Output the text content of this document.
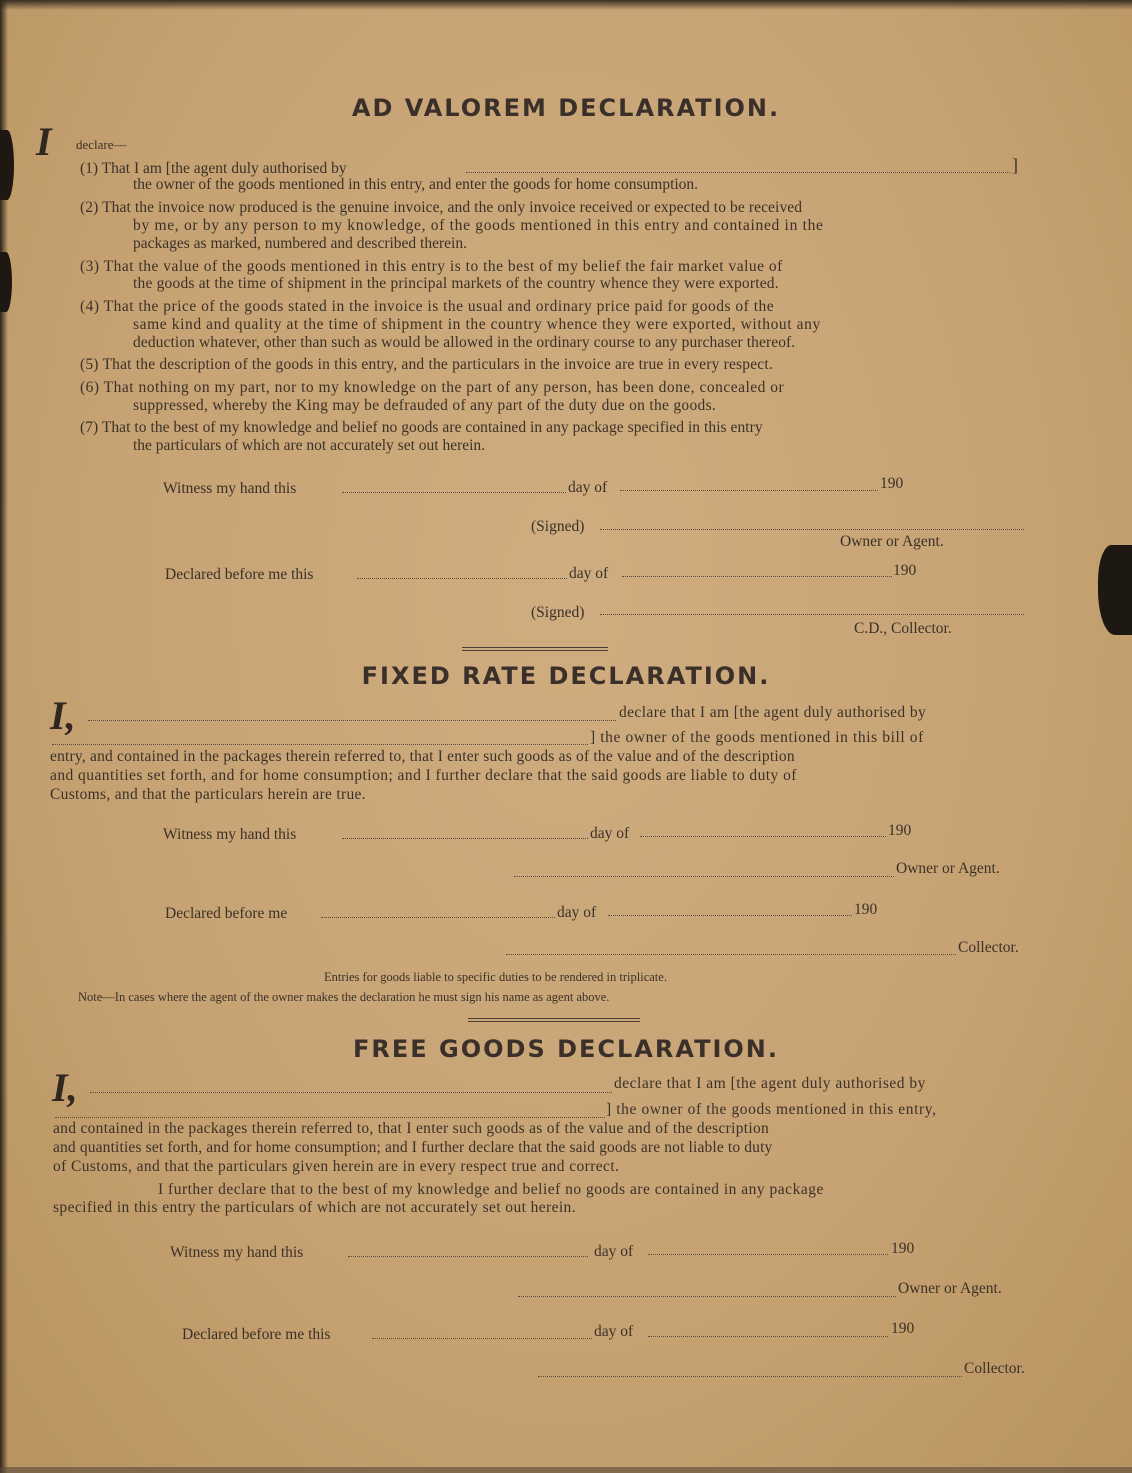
AD VALOREM DECLARATION.
I declare—
(1) That I am [the agent duly authorised by	]
the owner of the goods mentioned in this entry, and enter the goods for home consumption.
(2) That the invoice now produced is the genuine invoice, and the only invoice received or expected to be received
by me, or by any person to my knowledge, of the goods mentioned in this entry and contained in the
packages as marked, numbered and described therein.
(3) That the value of the goods mentioned in this entry is to the best of my belief the fair market value of
the goods at the time of shipment in the principal markets of the country whence they were exported.
(4) That the price of the goods stated in the invoice is the usual and ordinary price paid for goods of the
same kind and quality at the time of shipment in the country whence they were exported, without any
deduction whatever, other than such as would be allowed in the ordinary course to any purchaser thereof.
(5) That the description of the goods in this entry, and the particulars in the invoice are true in every respect.
(6) That nothing on my part, nor to my knowledge on the part of any person, has been done, concealed or
suppressed, whereby the King may be defrauded of any part of the duty due on the goods.
(7) That to the best of my knowledge and belief no goods are contained in any package specified in this entry
the particulars of which are not accurately set out herein.
Witness my hand this	day of	190
(Signed)
Owner or Agent.
Declared before me this	day of	190
(Signed)
C.D., Collector.
FIXED RATE DECLARATION.
I,	declare that I am [the agent duly authorised by
] the owner of the goods mentioned in this bill of
entry, and contained in the packages therein referred to, that I enter such goods as of the value and of the description
and quantities set forth, and for home consumption; and I further declare that the said goods are liable to duty of
Customs, and that the particulars herein are true.
Witness my hand this	day of	190
Owner or Agent.
Declared before me	day of	190
Collector.
Entries for goods liable to specific duties to be rendered in triplicate.
Note—In cases where the agent of the owner makes the declaration he must sign his name as agent above.
FREE GOODS DECLARATION.
I,	declare that I am [the agent duly authorised by
] the owner of the goods mentioned in this entry,
and contained in the packages therein referred to, that I enter such goods as of the value and of the description
and quantities set forth, and for home consumption; and I further declare that the said goods are not liable to duty
of Customs, and that the particulars given herein are in every respect true and correct.
I further declare that to the best of my knowledge and belief no goods are contained in any package
specified in this entry the particulars of which are not accurately set out herein.
Witness my hand this	day of	190
Owner or Agent.
Declared before me this	day of	190
Collector.
